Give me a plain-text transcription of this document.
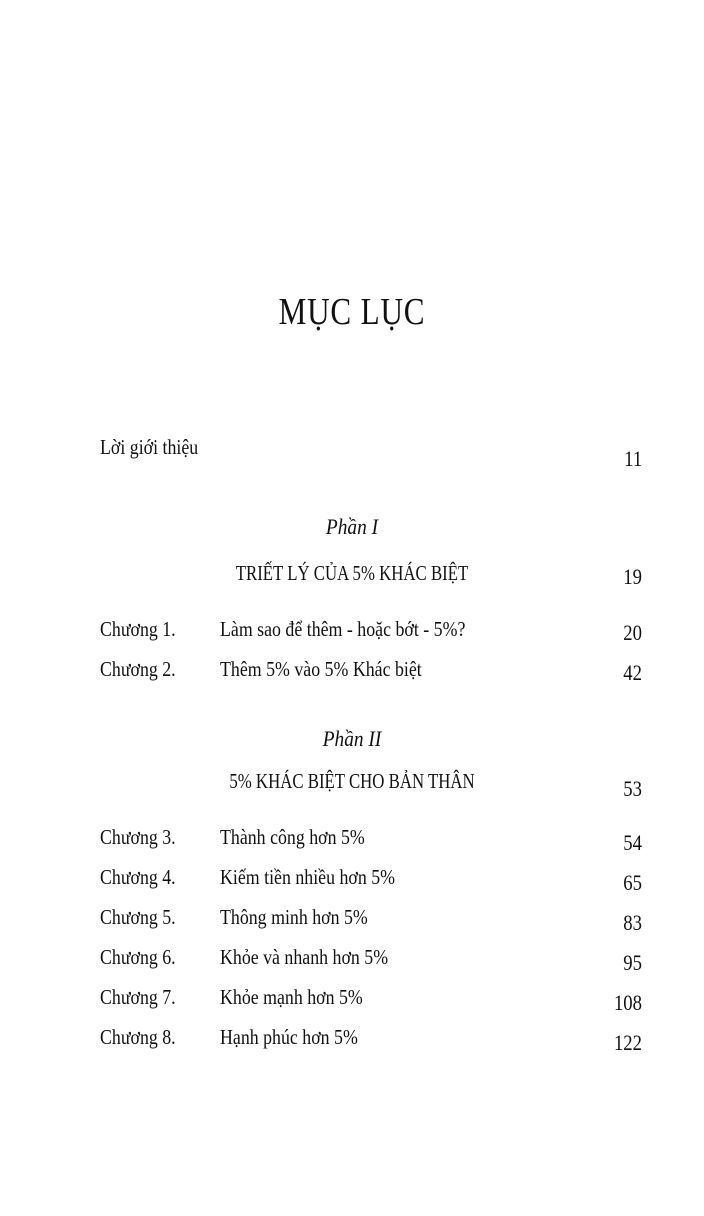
MỤC LỤC
Lời giới thiệu	11
Phần I
TRIẾT LÝ CỦA 5% KHÁC BIỆT	19
Chương 1. Làm sao để thêm - hoặc bớt - 5%?	20
Chương 2. Thêm 5% vào 5% Khác biệt	42
Phần II
5% KHÁC BIỆT CHO BẢN THÂN	53
Chương 3. Thành công hơn 5%	54
Chương 4. Kiếm tiền nhiều hơn 5%	65
Chương 5. Thông minh hơn 5%	83
Chương 6. Khỏe và nhanh hơn 5%	95
Chương 7. Khỏe mạnh hơn 5%	108
Chương 8. Hạnh phúc hơn 5%	122
